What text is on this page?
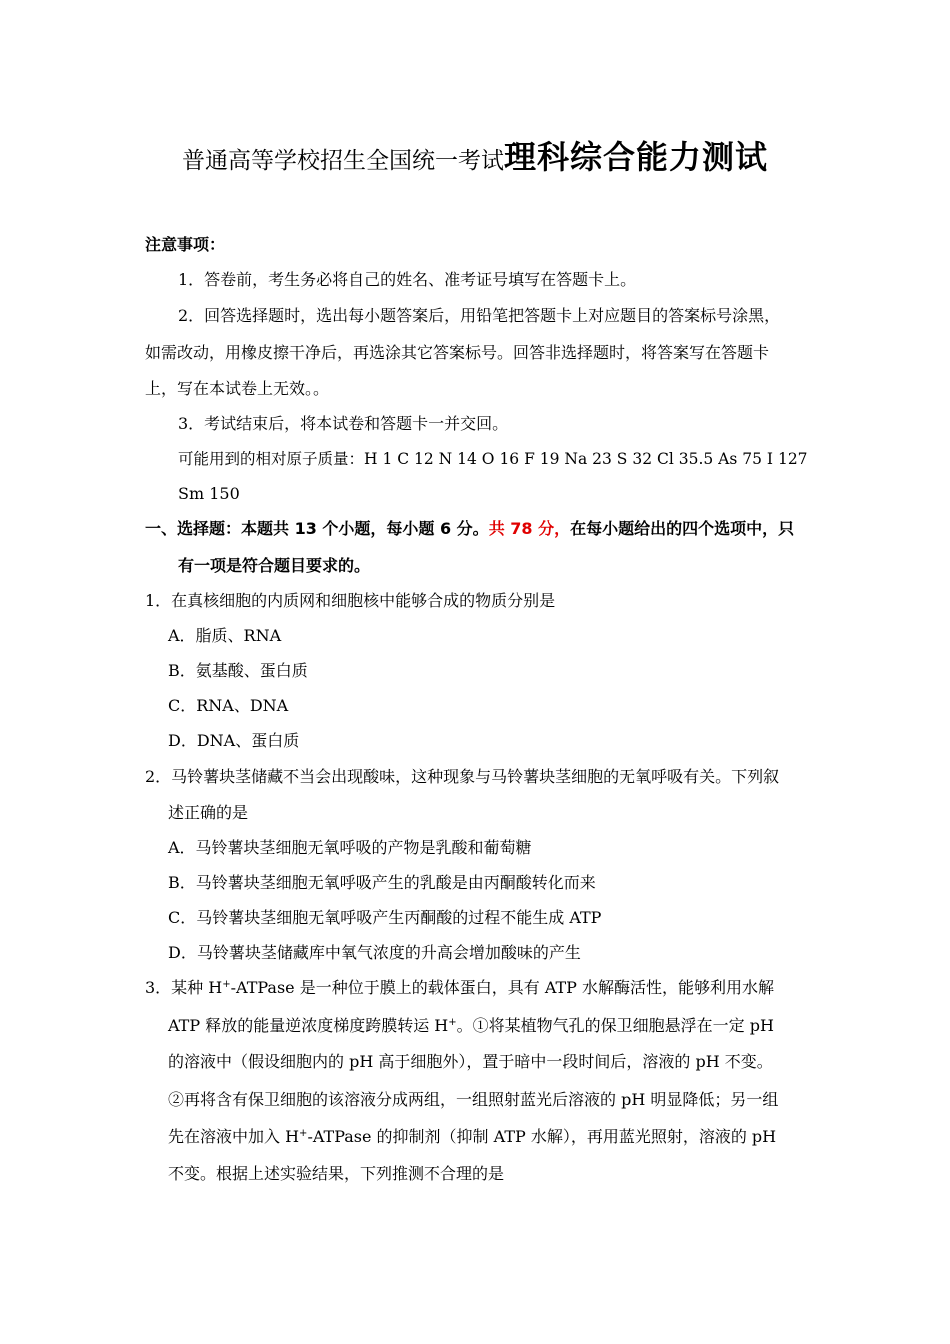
普通高等学校招生全国统一考试理科综合能力测试
注意事项：
1．答卷前，考生务必将自己的姓名、准考证号填写在答题卡上。
2．回答选择题时，选出每小题答案后，用铅笔把答题卡上对应题目的答案标号涂黑，
如需改动，用橡皮擦干净后，再选涂其它答案标号。回答非选择题时，将答案写在答题卡
上，写在本试卷上无效。。
3．考试结束后，将本试卷和答题卡一并交回。
可能用到的相对原子质量：H 1 C 12 N 14 O 16 F 19 Na 23 S 32 Cl 35.5 As 75 I 127
Sm 150
一、选择题：本题共 13 个小题，每小题 6 分。共 78 分，在每小题给出的四个选项中，只
有一项是符合题目要求的。
1．在真核细胞的内质网和细胞核中能够合成的物质分别是
A．脂质、RNA
B．氨基酸、蛋白质
C．RNA、DNA
D．DNA、蛋白质
2．马铃薯块茎储藏不当会出现酸味，这种现象与马铃薯块茎细胞的无氧呼吸有关。下列叙
述正确的是
A．马铃薯块茎细胞无氧呼吸的产物是乳酸和葡萄糖
B．马铃薯块茎细胞无氧呼吸产生的乳酸是由丙酮酸转化而来
C．马铃薯块茎细胞无氧呼吸产生丙酮酸的过程不能生成 ATP
D．马铃薯块茎储藏库中氧气浓度的升高会增加酸味的产生
3．某种 H+-ATPase 是一种位于膜上的载体蛋白，具有 ATP 水解酶活性，能够利用水解
ATP 释放的能量逆浓度梯度跨膜转运 H+。①将某植物气孔的保卫细胞悬浮在一定 pH
的溶液中（假设细胞内的 pH 高于细胞外），置于暗中一段时间后，溶液的 pH 不变。
②再将含有保卫细胞的该溶液分成两组，一组照射蓝光后溶液的 pH 明显降低；另一组
先在溶液中加入 H+-ATPase 的抑制剂（抑制 ATP 水解），再用蓝光照射，溶液的 pH
不变。根据上述实验结果，下列推测不合理的是
